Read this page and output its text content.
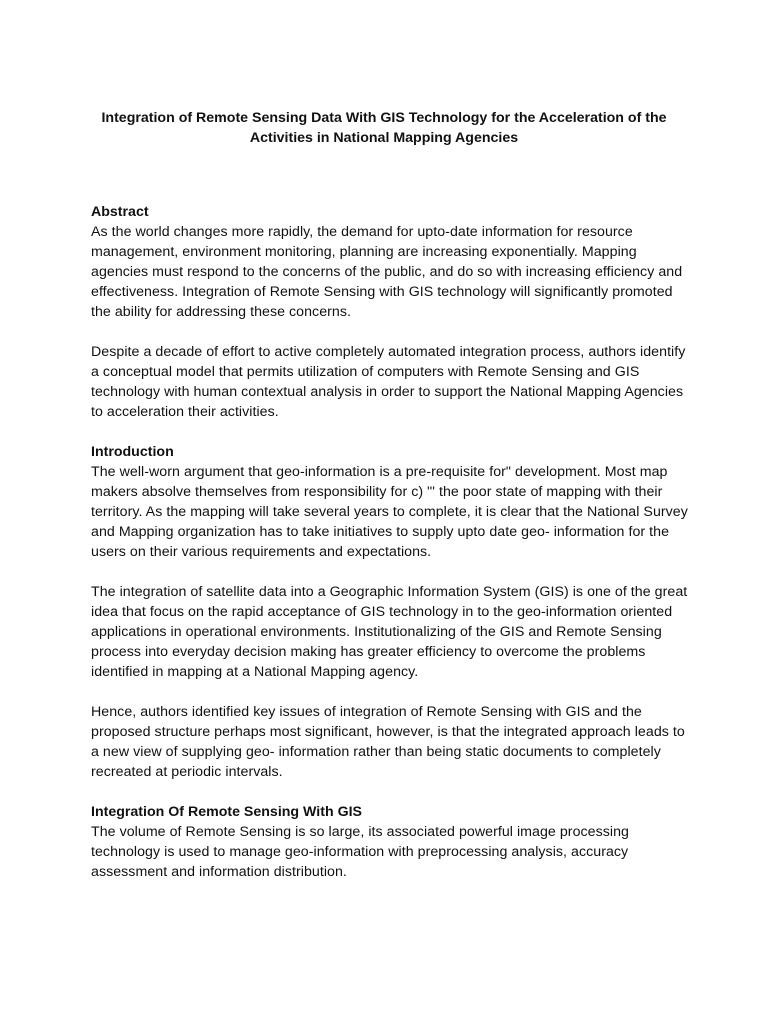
Integration of Remote Sensing Data With GIS Technology for the Acceleration of the Activities in National Mapping Agencies
Abstract

As the world changes more rapidly, the demand for upto-date information for resource management, environment monitoring, planning are increasing exponentially. Mapping agencies must respond to the concerns of the public, and do so with increasing efficiency and effectiveness. Integration of Remote Sensing with GIS technology will significantly promoted the ability for addressing these concerns.

Despite a decade of effort to active completely automated integration process, authors identify a conceptual model that permits utilization of computers with Remote Sensing and GIS technology with human contextual analysis in order to support the National Mapping Agencies to acceleration their activities.

Introduction

The well-worn argument that geo-information is a pre-requisite for" development. Most map makers absolve themselves from responsibility for c) "' the poor state of mapping with their territory. As the mapping will take several years to complete, it is clear that the National Survey and Mapping organization has to take initiatives to supply upto date geo- information for the users on their various requirements and expectations.

The integration of satellite data into a Geographic Information System (GIS) is one of the great idea that focus on the rapid acceptance of GIS technology in to the geo-information oriented applications in operational environments. Institutionalizing of the GIS and Remote Sensing process into everyday decision making has greater efficiency to overcome the problems identified in mapping at a National Mapping agency.

Hence, authors identified key issues of integration of Remote Sensing with GIS and the proposed structure perhaps most significant, however, is that the integrated approach leads to a new view of supplying geo- information rather than being static documents to completely recreated at periodic intervals.

Integration Of Remote Sensing With GIS

The volume of Remote Sensing is so large, its associated powerful image processing technology is used to manage geo-information with preprocessing analysis, accuracy assessment and information distribution.
